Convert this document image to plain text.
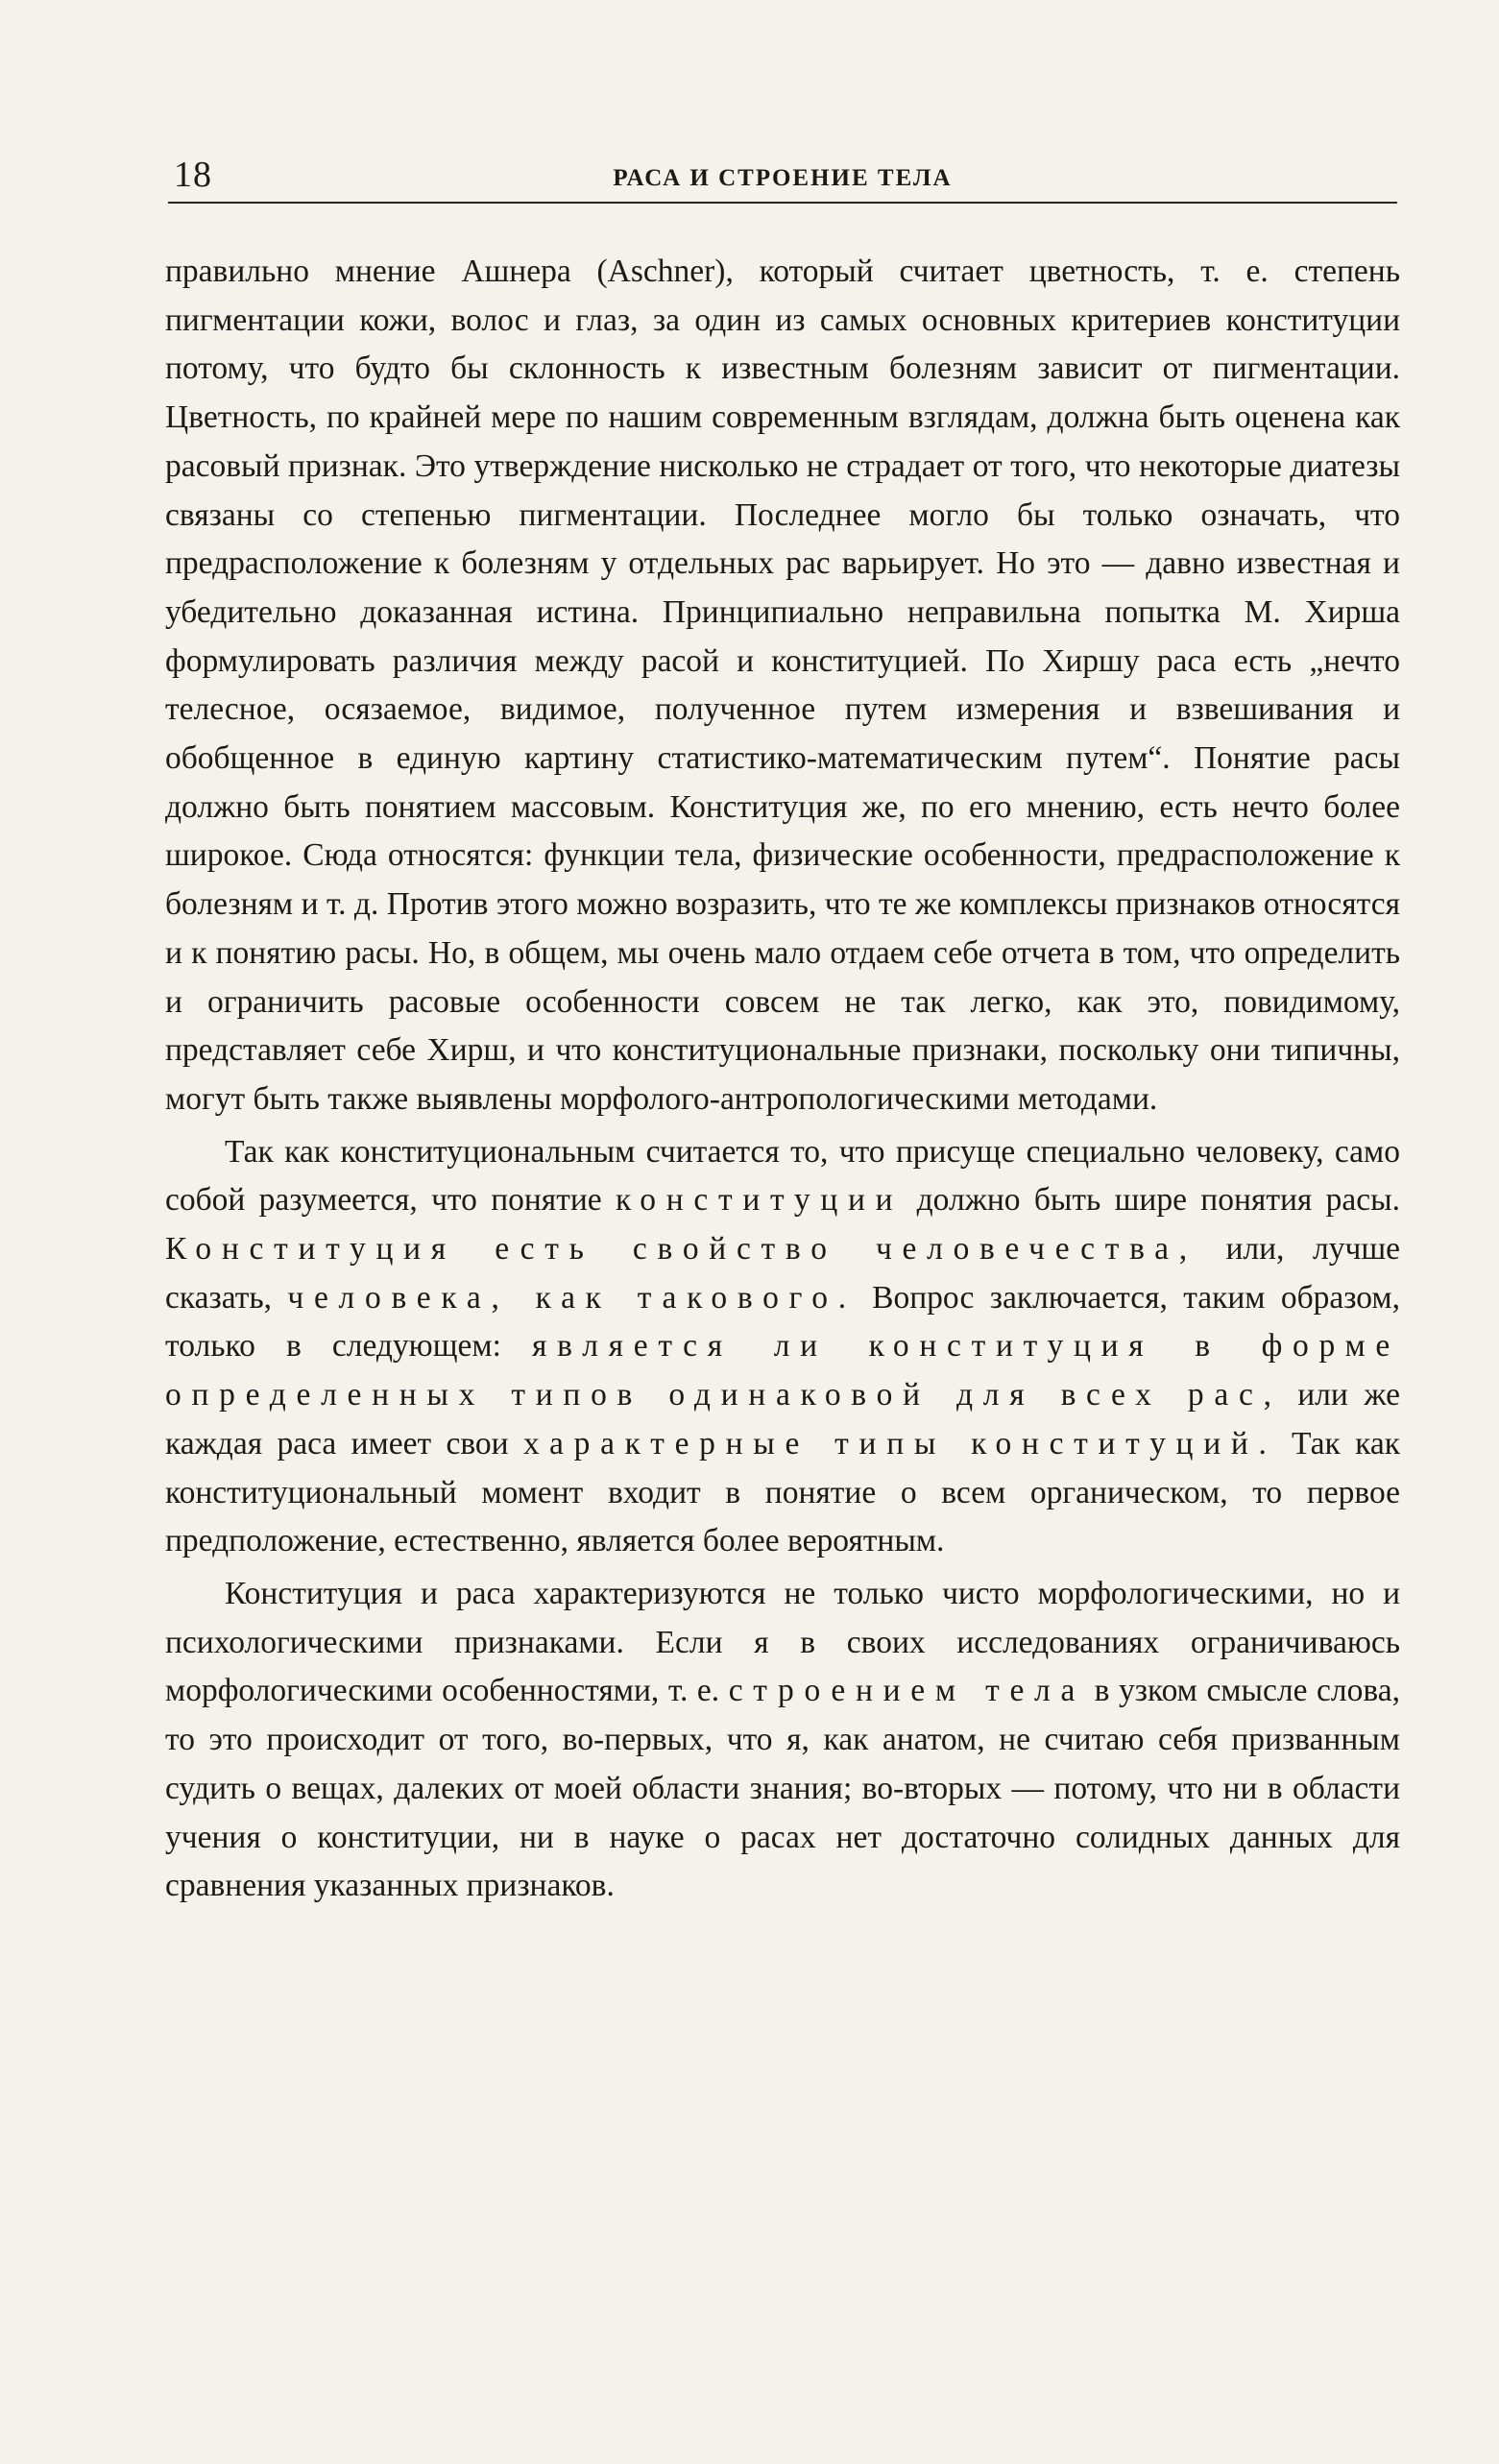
18	РАСА И СТРОЕНИЕ ТЕЛА

правильно мнение Ашнера (Aschner), который считает цветность, т. е. степень пигментации кожи, волос и глаз, за один из самых основных критериев конституции потому, что будто бы склонность к известным болезням зависит от пигментации. Цветность, по крайней мере по нашим современным взглядам, должна быть оценена как расовый признак. Это утверждение нисколько не страдает от того, что некоторые диатезы связаны со степенью пигментации. Последнее могло бы только означать, что предрасположение к болезням у отдельных рас варьирует. Но это — давно известная и убедительно доказанная истина. Принципиально неправильна попытка М. Хирша формулировать различия между расой и конституцией. По Хиршу раса есть „нечто телесное, осязаемое, видимое, полученное путем измерения и взвешивания и обобщенное в единую картину статистико-математическим путем“. Понятие расы должно быть понятием массовым. Конституция же, по его мнению, есть нечто более широкое. Сюда относятся: функции тела, физические особенности, предрасположение к болезням и т. д. Против этого можно возразить, что те же комплексы признаков относятся и к понятию расы. Но, в общем, мы очень мало отдаем себе отчета в том, что определить и ограничить расовые особенности совсем не так легко, как это, повидимому, представляет себе Хирш, и что конституциональные признаки, поскольку они типичны, могут быть также выявлены морфолого-антропологическими методами.

Так как конституциональным считается то, что присуще специально человеку, само собой разумеется, что понятие конституции должно быть шире понятия расы. Конституция есть свойство человечества, или, лучше сказать, человека, как такового. Вопрос заключается, таким образом, только в следующем: является ли конституция в форме определенных типов одинаковой для всех рас, или же каждая раса имеет свои характерные типы конституций. Так как конституциональный момент входит в понятие о всем органическом, то первое предположение, естественно, является более вероятным.

Конституция и раса характеризуются не только чисто морфологическими, но и психологическими признаками. Если я в своих исследованиях ограничиваюсь морфологическими особенностями, т. е. строением тела в узком смысле слова, то это происходит от того, во-первых, что я, как анатом, не считаю себя призванным судить о вещах, далеких от моей области знания; во-вторых — потому, что ни в области учения о конституции, ни в науке о расах нет достаточно солидных данных для сравнения указанных признаков.
